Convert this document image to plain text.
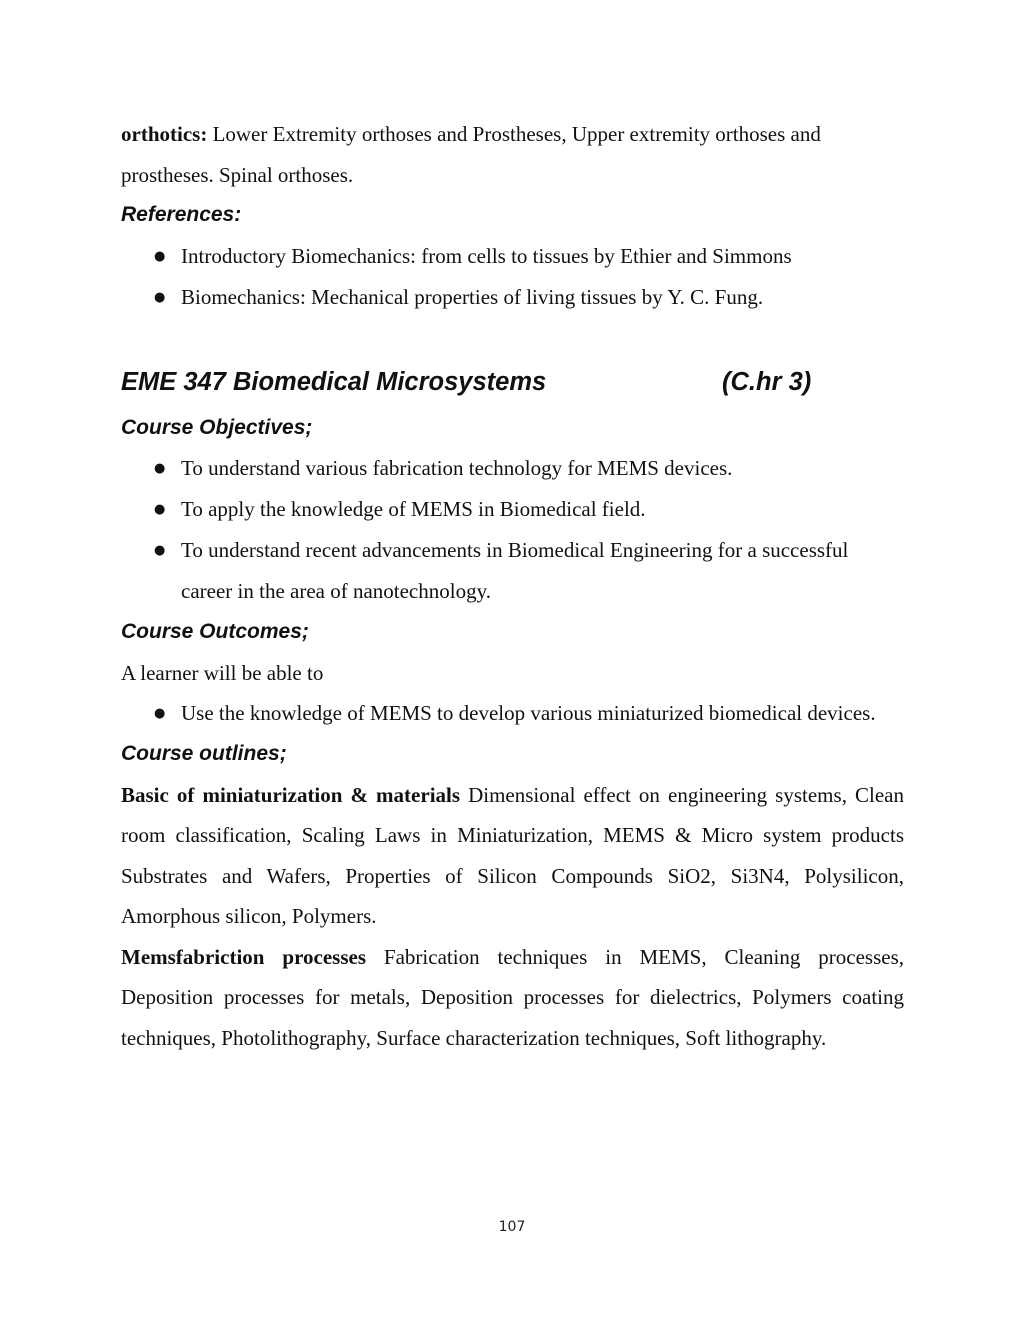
orthotics: Lower Extremity orthoses and Prostheses, Upper extremity orthoses and prostheses. Spinal orthoses.

References:

● Introductory Biomechanics: from cells to tissues by Ethier and Simmons
● Biomechanics: Mechanical properties of living tissues by Y. C. Fung.

EME 347 Biomedical Microsystems	(C.hr 3)

Course Objectives;

● To understand various fabrication technology for MEMS devices.
● To apply the knowledge of MEMS in Biomedical field.
● To understand recent advancements in Biomedical Engineering for a successful career in the area of nanotechnology.

Course Outcomes;

A learner will be able to

● Use the knowledge of MEMS to develop various miniaturized biomedical devices.

Course outlines;

Basic of miniaturization & materials Dimensional effect on engineering systems, Clean room classification, Scaling Laws in Miniaturization, MEMS & Micro system products Substrates and Wafers, Properties of Silicon Compounds SiO2, Si3N4, Polysilicon, Amorphous silicon, Polymers.

Memsfabriction processes Fabrication techniques in MEMS, Cleaning processes, Deposition processes for metals, Deposition processes for dielectrics, Polymers coating techniques, Photolithography, Surface characterization techniques, Soft lithography.

107
